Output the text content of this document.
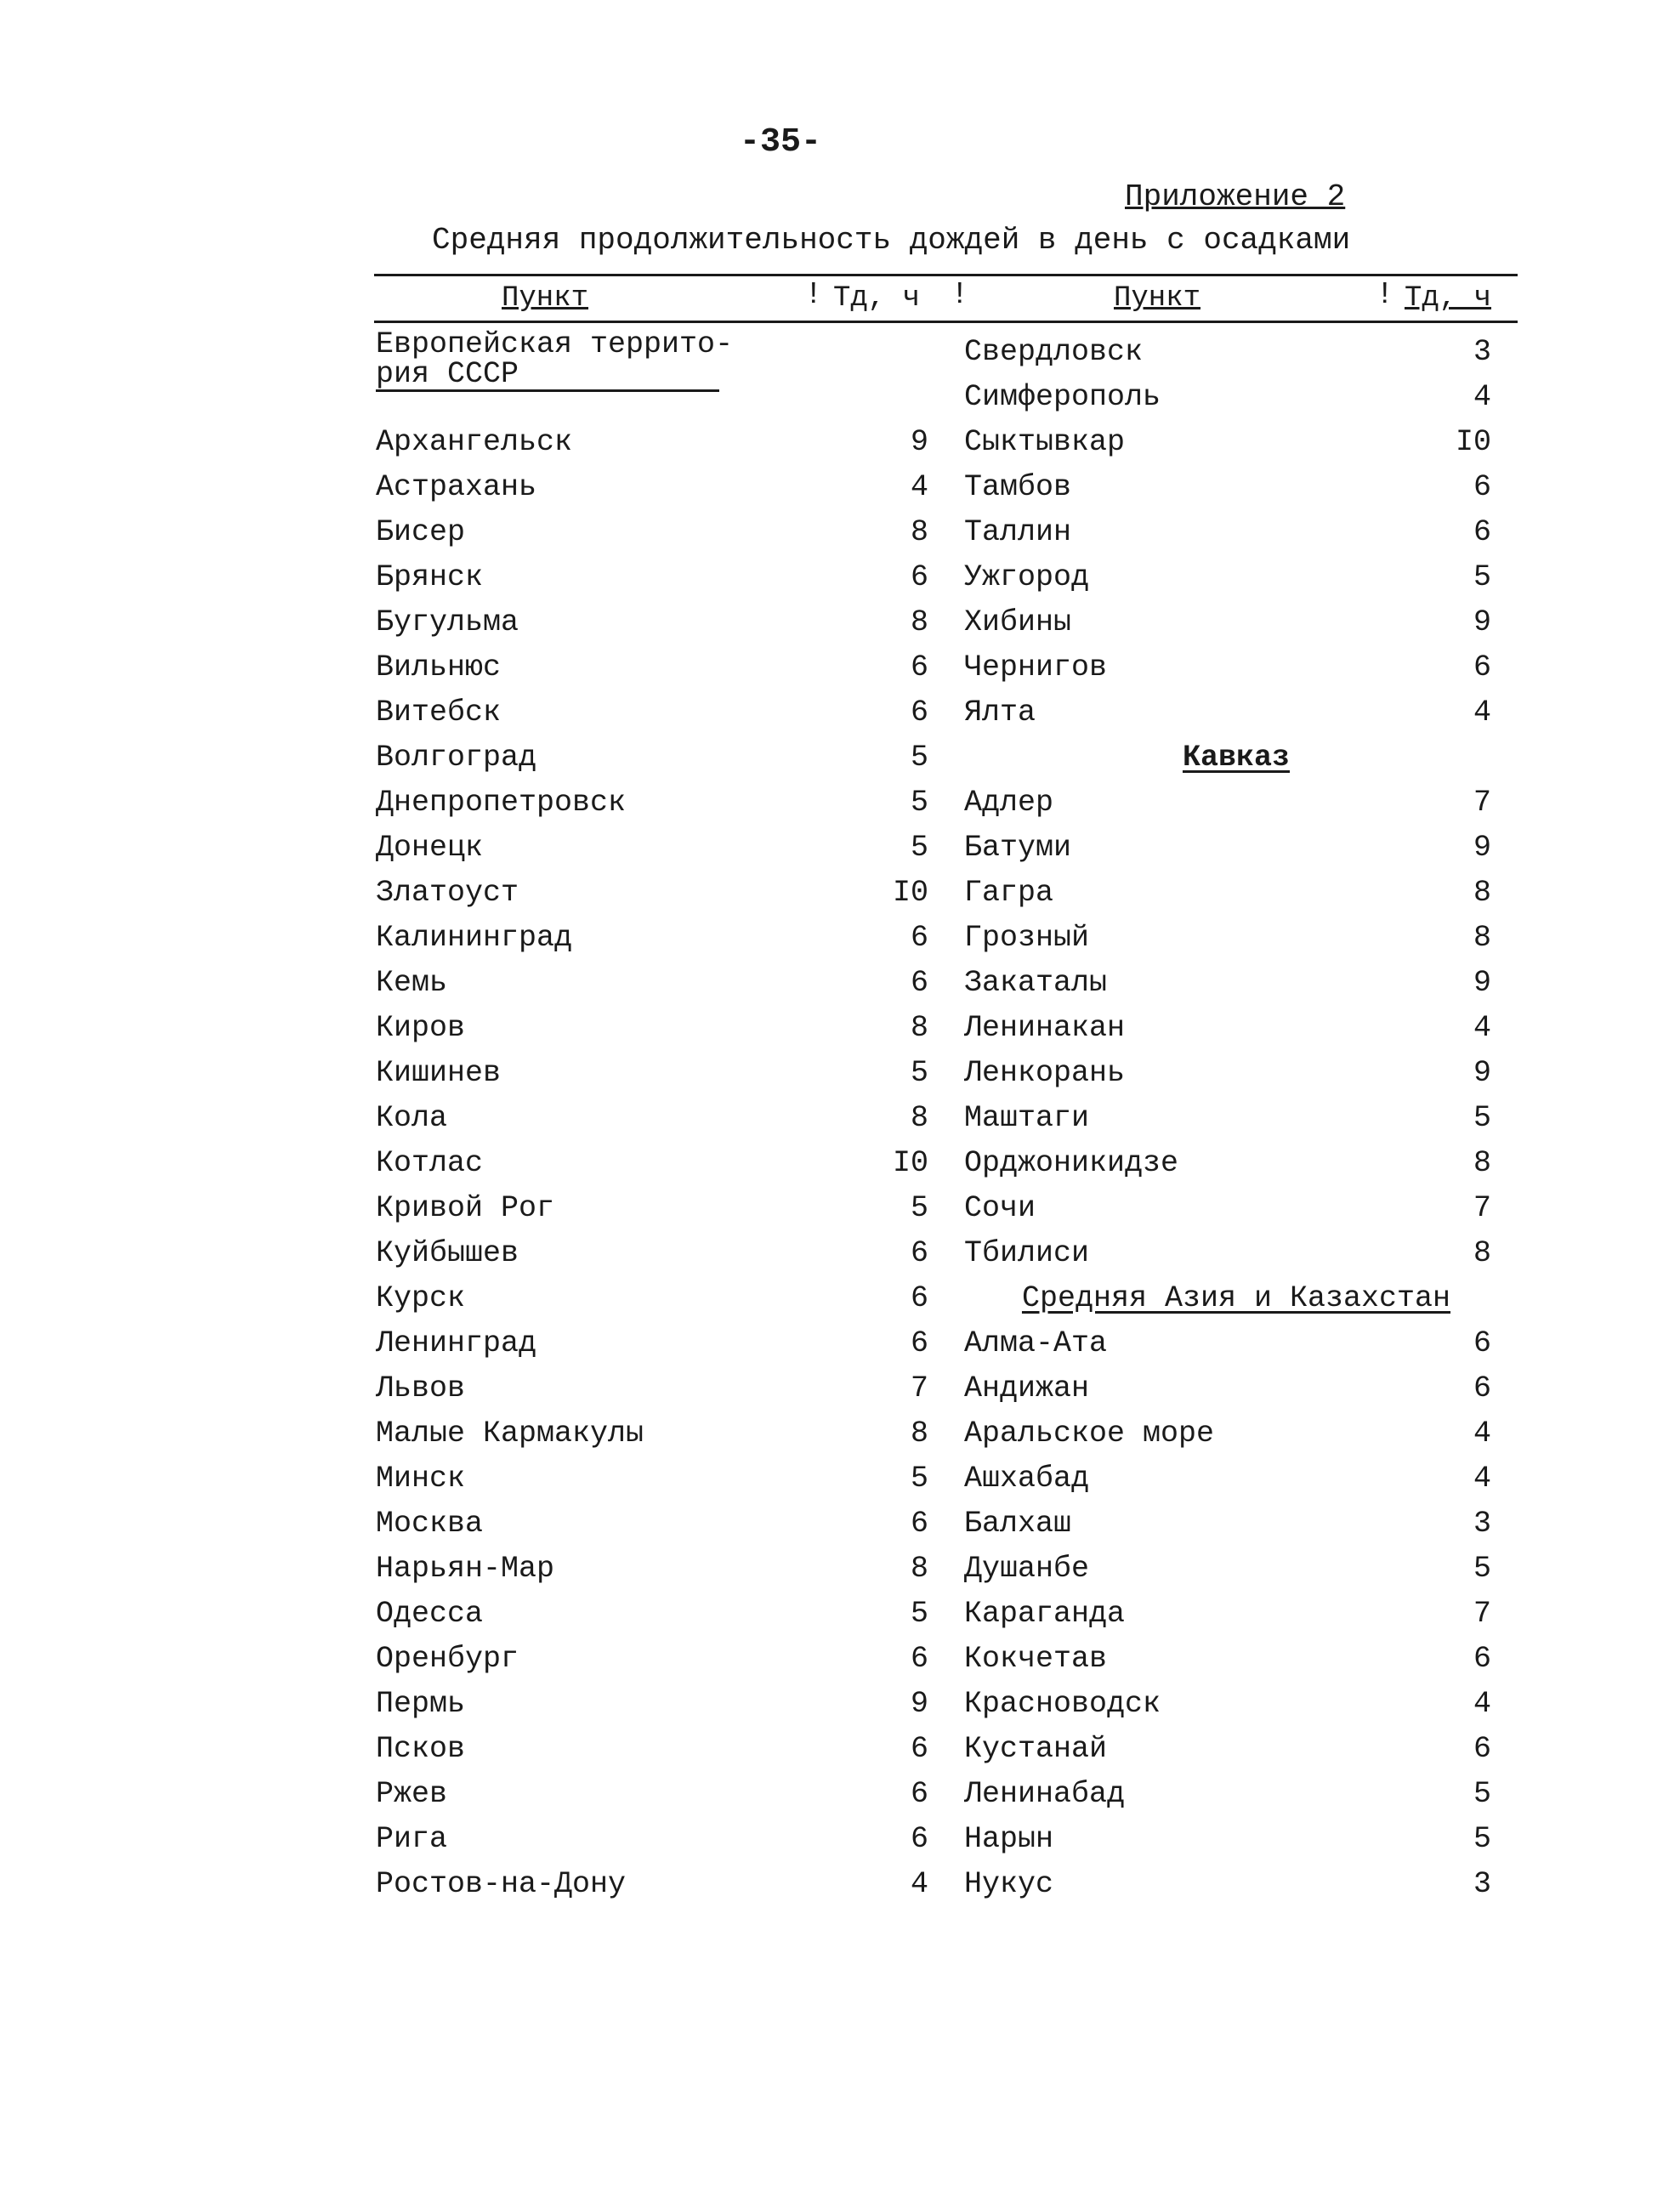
-35-
Приложение 2
Средняя продолжительность дождей в день с осадками
Пункт	! Тд, ч !	Пункт	! Тд, ч
Европейская террито-
рия СССР
Архангельск	9
Астрахань	4
Бисер	8
Брянск	6
Бугульма	8
Вильнюс	6
Витебск	6
Волгоград	5
Днепропетровск	5
Донецк	5
Златоуст	I0
Калининград	6
Кемь	6
Киров	8
Кишинев	5
Кола	8
Котлас	I0
Кривой Рог	5
Куйбышев	6
Курск	6
Ленинград	6
Львов	7
Малые Кармакулы	8
Минск	5
Москва	6
Нарьян-Мар	8
Одесса	5
Оренбург	6
Пермь	9
Псков	6
Ржев	6
Рига	6
Ростов-на-Дону	4
Свердловск	3
Симферополь	4
Сыктывкар	I0
Тамбов	6
Таллин	6
Ужгород	5
Хибины	9
Чернигов	6
Ялта	4
Кавказ
Адлер	7
Батуми	9
Гагра	8
Грозный	8
Закаталы	9
Ленинакан	4
Ленкорань	9
Маштаги	5
Орджоникидзе	8
Сочи	7
Тбилиси	8
Средняя Азия и Казахстан
Алма-Ата	6
Андижан	6
Аральское море	4
Ашхабад	4
Балхаш	3
Душанбе	5
Караганда	7
Кокчетав	6
Красноводск	4
Кустанай	6
Ленинабад	5
Нарын	5
Нукус	3
